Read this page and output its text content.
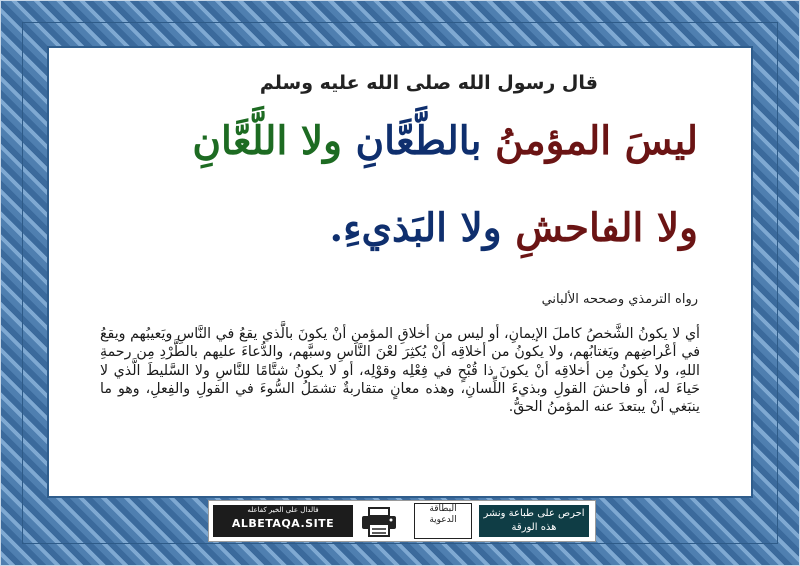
قال رسول الله صلى الله عليه وسلم
ليسَ المؤمنُ بالطَّعَّانِ ولا اللَّعَّانِ
ولا الفاحشِ ولا البَذيءِ.
رواه الترمذي وصححه الألباني
أي لا يكونُ الشَّخصُ كاملَ الإيمانِ، أو ليس من أخلاقِ المؤمنِ أنْ يكونَ بالَّذي يقعُ في النَّاسِ ويَعيبُهم ويقعُ في أعْراضِهم ويَغتابُهم، ولا يكونُ من أخلاقِه أنْ يُكثِرَ لعْنَ النَّاسِ وسبَّهم، والدُّعاءَ عليهم بالطَّرْدِ مِن رحمةِ اللهِ، ولا يكونُ مِن أخلاقِه أنْ يكونَ ذا قُبْحٍ في فِعْلِه وقوْلِه، أو لا يكونُ شتَّامًا للنَّاسِ ولا السَّليطَ الَّذي لا حَياءَ له، أو فاحشَ القولِ وبذيءَ اللِّسانِ، وهذه معانٍ متقاربةٌ تشمَلُ السُّوءَ في القولِ والفِعلِ، وهو ما ينبَغي أنْ يبتعدَ عنه المؤمنُ الحقُّ.
احرص على طباعة ونشر هذه الورقة
البطاقة الدعوية
فالدال على الخير كفاعله
ALBETAQA.SITE
